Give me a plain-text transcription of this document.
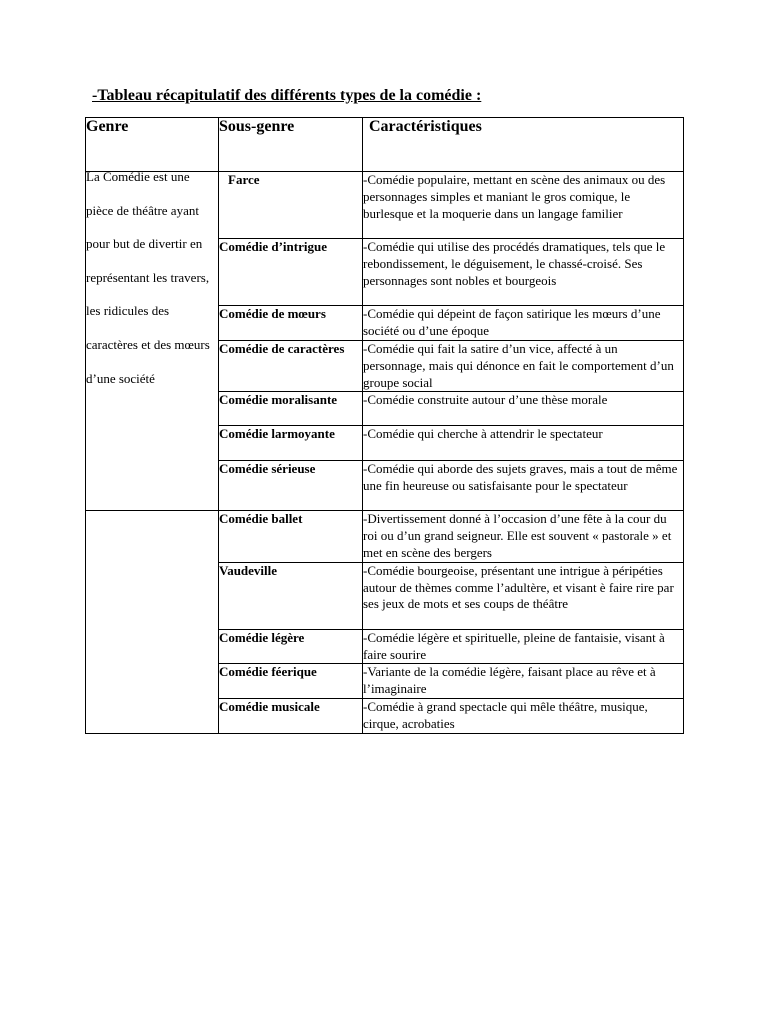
-Tableau récapitulatif des différents types de la comédie :
Genre	Sous-genre	Caractéristiques

La Comédie est une pièce de théâtre ayant pour but de divertir en représentant les travers, les ridicules des caractères et des mœurs d’une société	Farce	-Comédie populaire, mettant en scène des animaux ou des personnages simples et maniant le gros comique, le burlesque et la moquerie dans un langage familier
	Comédie d’intrigue	-Comédie qui utilise des procédés dramatiques, tels que le rebondissement, le déguisement, le chassé-croisé. Ses personnages sont nobles et bourgeois
	Comédie de mœurs	-Comédie qui dépeint de façon satirique les mœurs d’une société ou d’une époque
	Comédie de caractères	-Comédie qui fait la satire d’un vice, affecté à un personnage, mais qui dénonce en fait le comportement d’un groupe social
	Comédie moralisante	-Comédie construite autour d’une thèse morale
	Comédie larmoyante	-Comédie qui cherche à attendrir le spectateur
	Comédie sérieuse	-Comédie qui aborde des sujets graves, mais a tout de même une fin heureuse ou satisfaisante pour le spectateur
	Comédie ballet	-Divertissement donné à l’occasion d’une fête à la cour du roi ou d’un grand seigneur. Elle est souvent « pastorale » et met en scène des bergers
	Vaudeville	-Comédie bourgeoise, présentant une intrigue à péripéties autour de thèmes comme l’adultère, et visant è faire rire par ses jeux de mots et ses coups de théâtre
	Comédie légère	-Comédie légère et spirituelle, pleine de fantaisie, visant à faire sourire
	Comédie féerique	-Variante de la comédie légère, faisant place au rêve et à l’imaginaire
	Comédie musicale	-Comédie à grand spectacle qui mêle théâtre, musique, cirque, acrobaties
